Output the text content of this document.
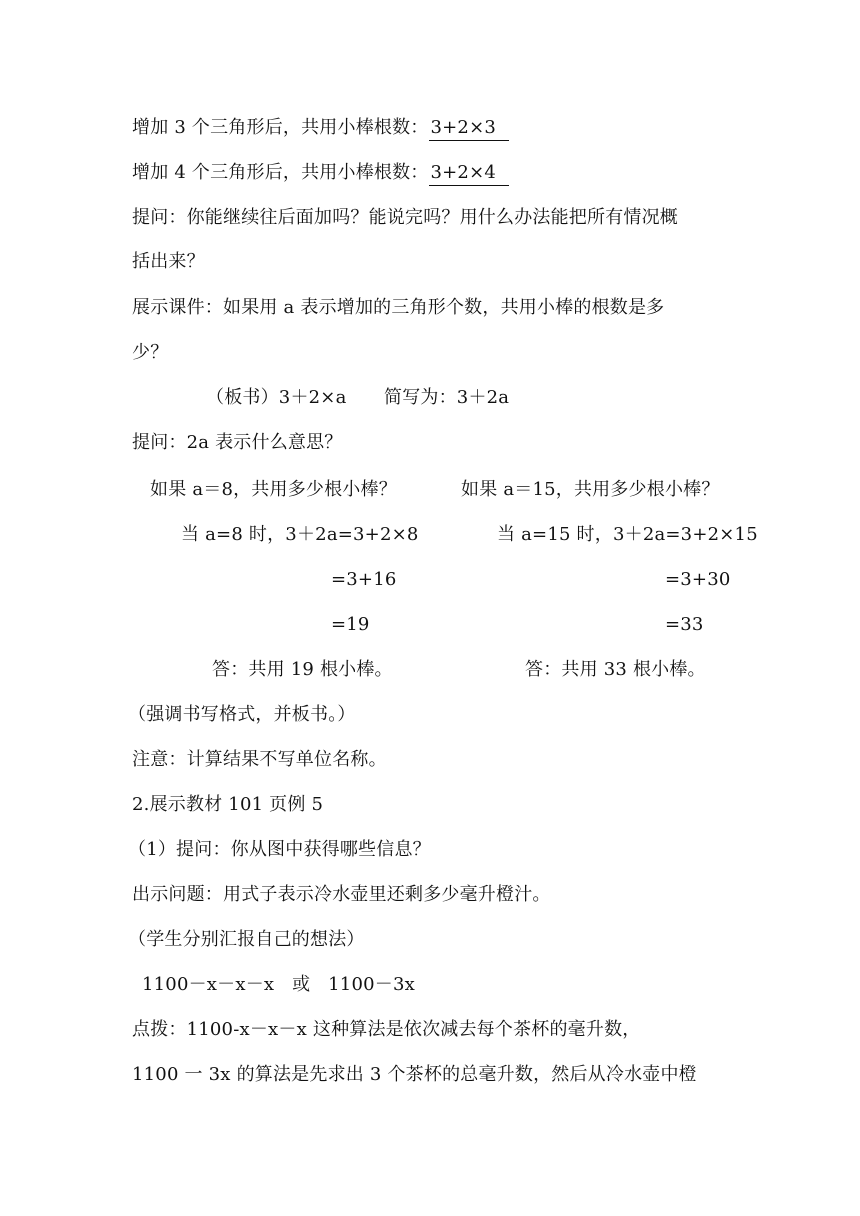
增加 3 个三角形后，共用小棒根数： 3+2×3
增加 4 个三角形后，共用小棒根数： 3+2×4
提问：你能继续往后面加吗？能说完吗？用什么办法能把所有情况概
括出来？
展示课件：如果用 a 表示增加的三角形个数，共用小棒的根数是多
少？
（板书）3＋2×a 简写为：3＋2a
提问：2a 表示什么意思？
如果 a＝8，共用多少根小棒？
当 a=8 时，3＋2a=3+2×8
=3+16
=19
答：共用 19 根小棒。
如果 a＝15，共用多少根小棒？
当 a=15 时，3＋2a=3+2×15
=3+30
=33
答：共用 33 根小棒。
（强调书写格式，并板书。）
注意：计算结果不写单位名称。
2.展示教材 101 页例 5
（1）提问：你从图中获得哪些信息？
出示问题：用式子表示冷水壶里还剩多少毫升橙汁。
（学生分别汇报自己的想法）
1100－x－x－x 或 1100－3x
点拨：1100-x－x－x 这种算法是依次减去每个茶杯的毫升数，
1100 一 3x 的算法是先求出 3 个茶杯的总毫升数，然后从冷水壶中橙
